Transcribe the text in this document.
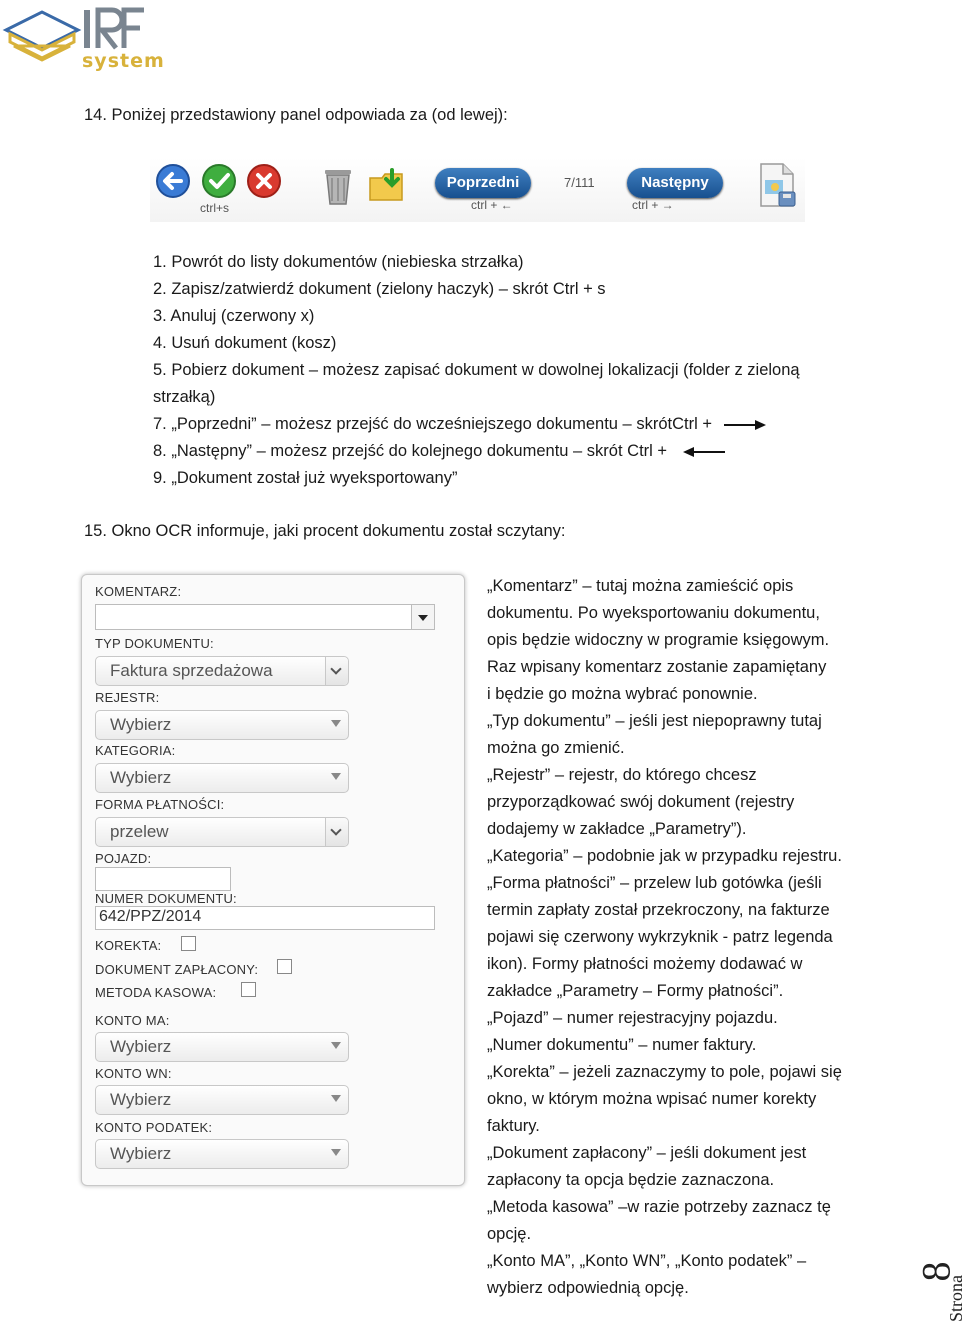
system
14. Poniżej przedstawiony panel odpowiada za (od lewej):
ctrl+s
Poprzedni
ctrl + ←
7/111	Następny
ctrl + →
1. Powrót do listy dokumentów (niebieska strzałka)
2. Zapisz/zatwierdź dokument (zielony haczyk) – skrót Ctrl + s
3. Anuluj (czerwony x)
4. Usuń dokument (kosz)
5. Pobierz dokument – możesz zapisać dokument w dowolnej lokalizacji (folder z zieloną
strzałką)
7. „Poprzedni” – możesz przejść do wcześniejszego dokumentu – skrótCtrl +
8. „Następny” – możesz przejść do kolejnego dokumentu – skrót Ctrl +
9. „Dokument został już wyeksportowany”
15. Okno OCR informuje, jaki procent dokumentu został sczytany:
KOMENTARZ:
TYP DOKUMENTU:
Faktura sprzedażowa
REJESTR:
Wybierz
KATEGORIA:
Wybierz
FORMA PŁATNOŚCI:
przelew
POJAZD:
NUMER DOKUMENTU:
642/PPZ/2014
KOREKTA:
DOKUMENT ZAPŁACONY:
METODA KASOWA:
KONTO MA:
Wybierz
KONTO WN:
Wybierz
KONTO PODATEK:
Wybierz
„Komentarz” – tutaj można zamieścić opis
dokumentu. Po wyeksportowaniu dokumentu,
opis będzie widoczny w programie księgowym.
Raz wpisany komentarz zostanie zapamiętany
i będzie go można wybrać ponownie.
„Typ dokumentu” – jeśli jest niepoprawny tutaj
można go zmienić.
„Rejestr” – rejestr, do którego chcesz
przyporządkować swój dokument (rejestry
dodajemy w zakładce „Parametry”).
„Kategoria” – podobnie jak w przypadku rejestru.
„Forma płatności” – przelew lub gotówka (jeśli
termin zapłaty został przekroczony, na fakturze
pojawi się czerwony wykrzyknik - patrz legenda
ikon). Formy płatności możemy dodawać w
zakładce „Parametry – Formy płatności”.
„Pojazd” – numer rejestracyjny pojazdu.
„Numer dokumentu” – numer faktury.
„Korekta” – jeżeli zaznaczymy to pole, pojawi się
okno, w którym można wpisać numer korekty
faktury.
„Dokument zapłacony” – jeśli dokument jest
zapłacony ta opcja będzie zaznaczona.
„Metoda kasowa” –w razie potrzeby zaznacz tę
opcję.
„Konto MA”, „Konto WN”, „Konto podatek” –
wybierz odpowiednią opcję.	Strona
8
